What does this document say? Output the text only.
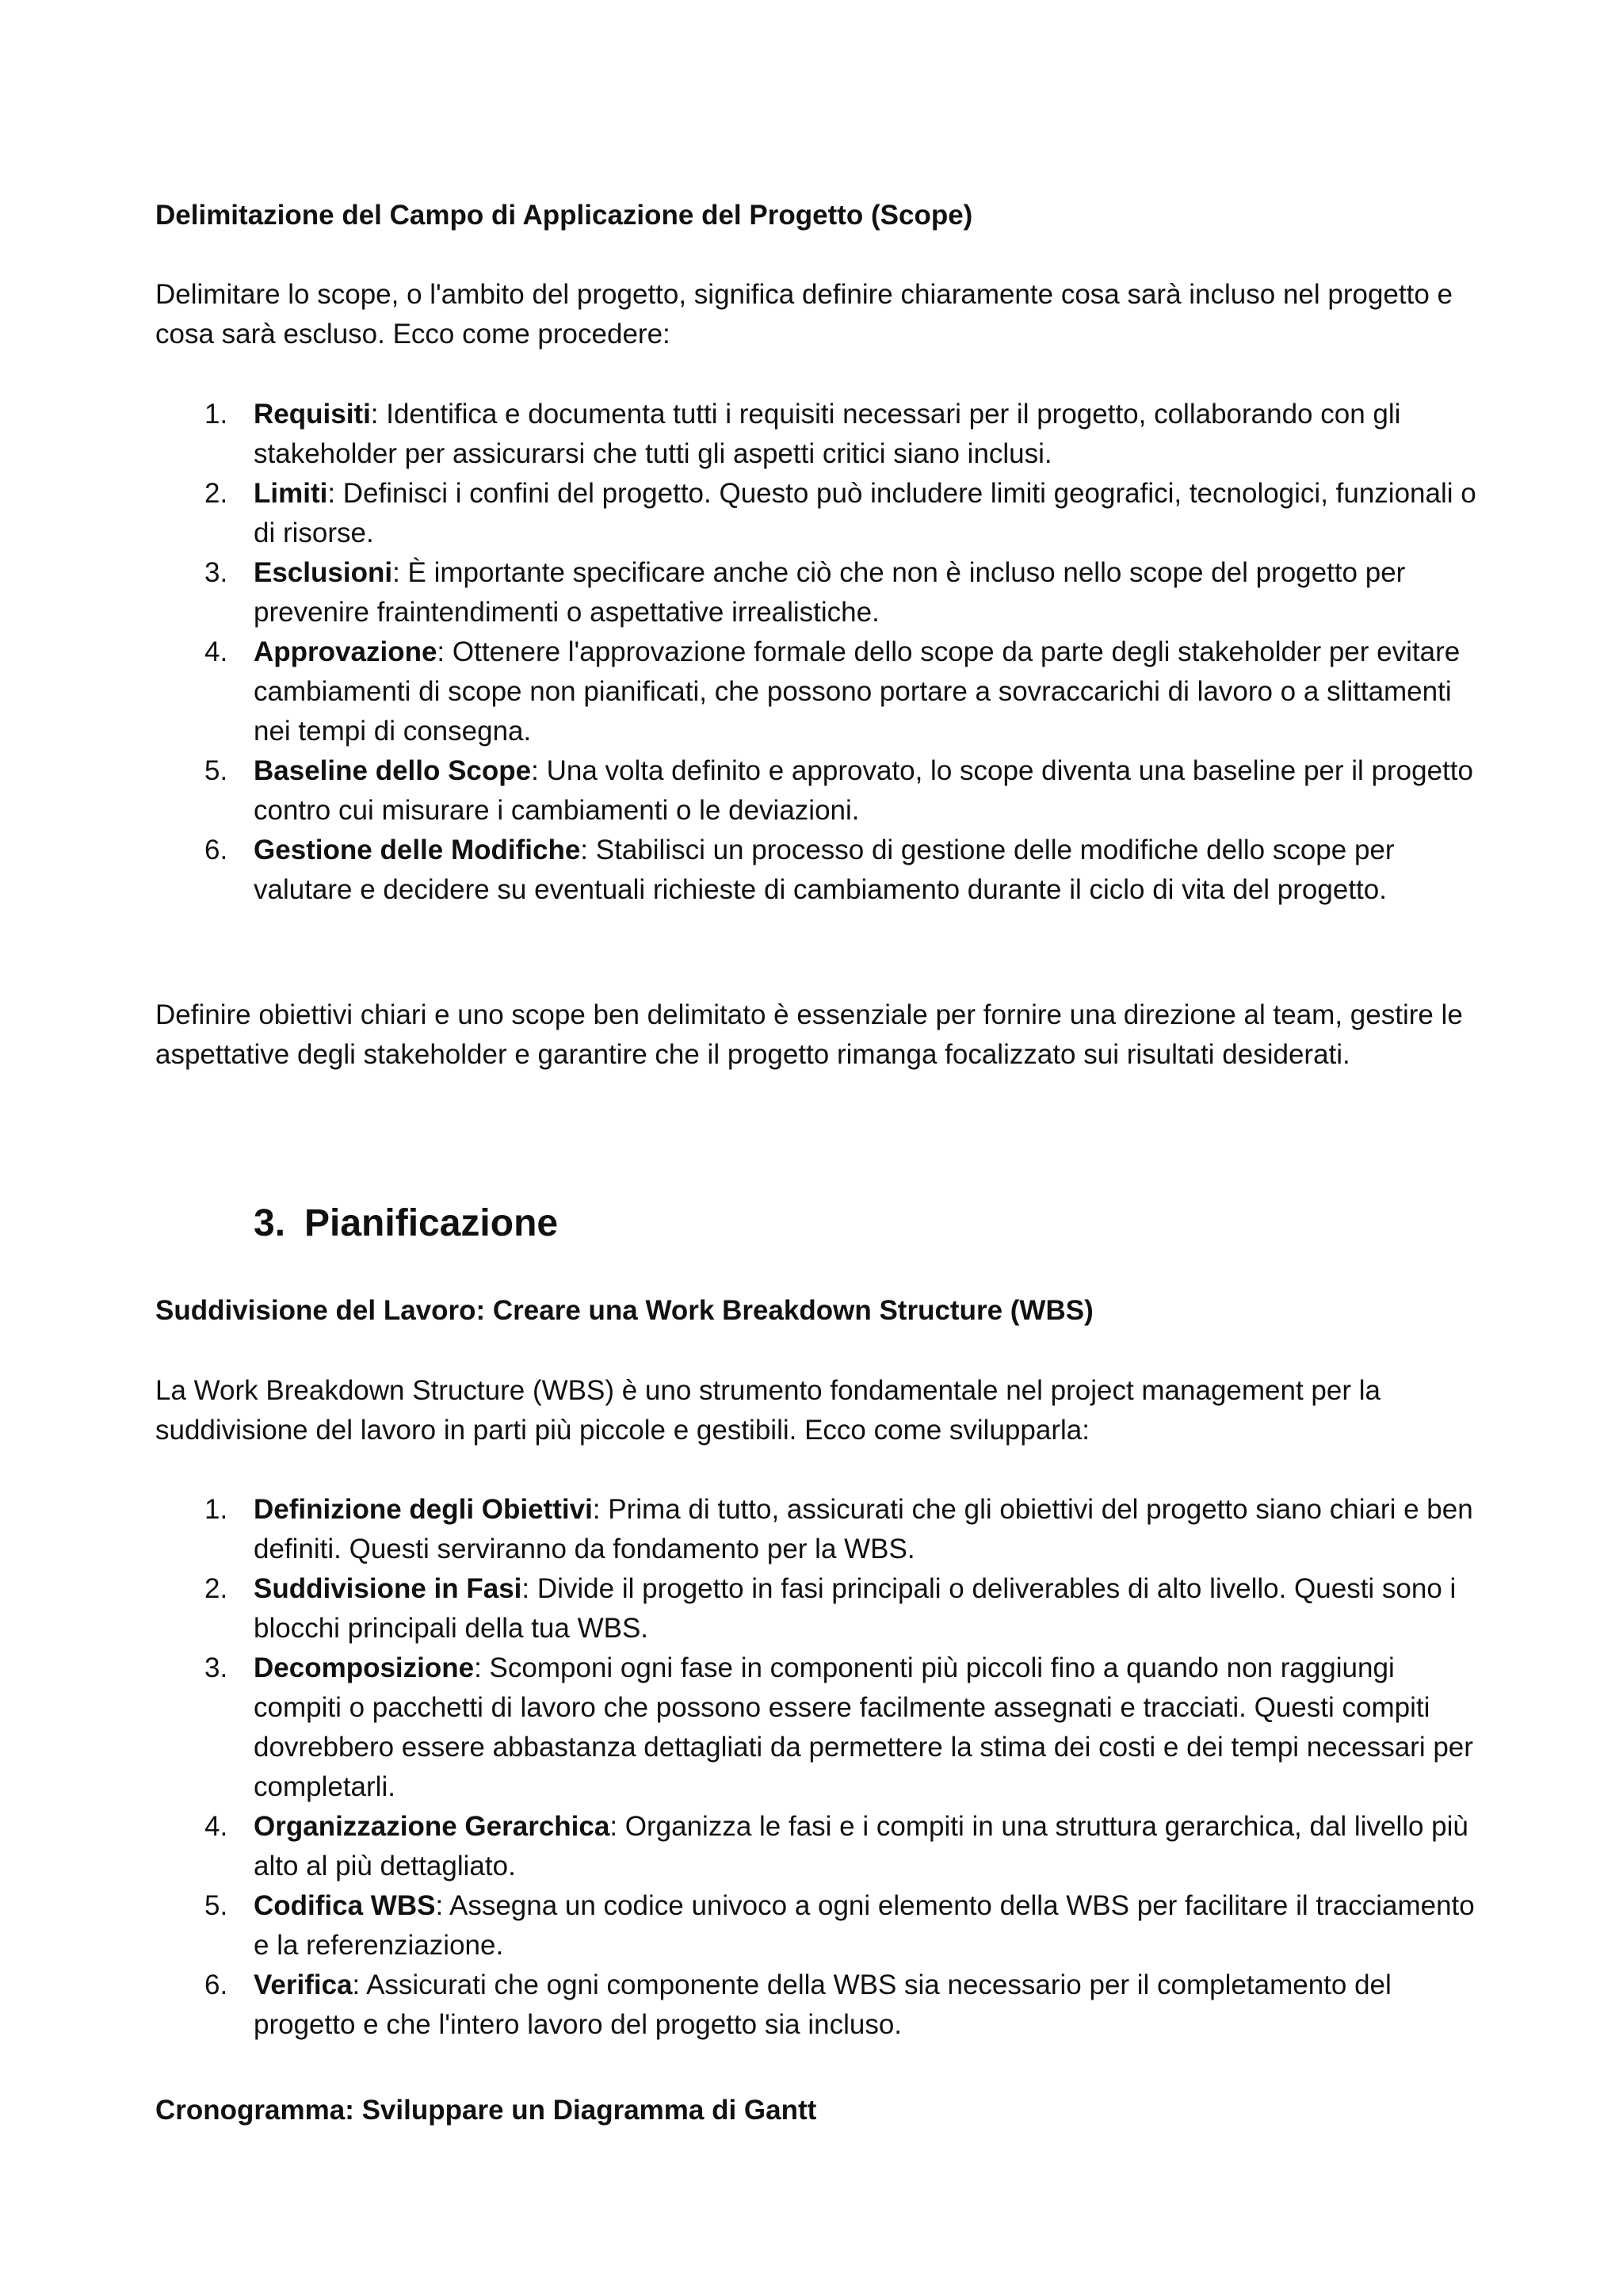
Delimitazione del Campo di Applicazione del Progetto (Scope)

Delimitare lo scope, o l'ambito del progetto, significa definire chiaramente cosa sarà incluso nel progetto e cosa sarà escluso. Ecco come procedere:

1. Requisiti: Identifica e documenta tutti i requisiti necessari per il progetto, collaborando con gli stakeholder per assicurarsi che tutti gli aspetti critici siano inclusi.
2. Limiti: Definisci i confini del progetto. Questo può includere limiti geografici, tecnologici, funzionali o di risorse.
3. Esclusioni: È importante specificare anche ciò che non è incluso nello scope del progetto per prevenire fraintendimenti o aspettative irrealistiche.
4. Approvazione: Ottenere l'approvazione formale dello scope da parte degli stakeholder per evitare cambiamenti di scope non pianificati, che possono portare a sovraccarichi di lavoro o a slittamenti nei tempi di consegna.
5. Baseline dello Scope: Una volta definito e approvato, lo scope diventa una baseline per il progetto contro cui misurare i cambiamenti o le deviazioni.
6. Gestione delle Modifiche: Stabilisci un processo di gestione delle modifiche dello scope per valutare e decidere su eventuali richieste di cambiamento durante il ciclo di vita del progetto.

Definire obiettivi chiari e uno scope ben delimitato è essenziale per fornire una direzione al team, gestire le aspettative degli stakeholder e garantire che il progetto rimanga focalizzato sui risultati desiderati.

3. Pianificazione

Suddivisione del Lavoro: Creare una Work Breakdown Structure (WBS)

La Work Breakdown Structure (WBS) è uno strumento fondamentale nel project management per la suddivisione del lavoro in parti più piccole e gestibili. Ecco come svilupparla:

1. Definizione degli Obiettivi: Prima di tutto, assicurati che gli obiettivi del progetto siano chiari e ben definiti. Questi serviranno da fondamento per la WBS.
2. Suddivisione in Fasi: Divide il progetto in fasi principali o deliverables di alto livello. Questi sono i blocchi principali della tua WBS.
3. Decomposizione: Scomponi ogni fase in componenti più piccoli fino a quando non raggiungi compiti o pacchetti di lavoro che possono essere facilmente assegnati e tracciati. Questi compiti dovrebbero essere abbastanza dettagliati da permettere la stima dei costi e dei tempi necessari per completarli.
4. Organizzazione Gerarchica: Organizza le fasi e i compiti in una struttura gerarchica, dal livello più alto al più dettagliato.
5. Codifica WBS: Assegna un codice univoco a ogni elemento della WBS per facilitare il tracciamento e la referenziazione.
6. Verifica: Assicurati che ogni componente della WBS sia necessario per il completamento del progetto e che l'intero lavoro del progetto sia incluso.

Cronogramma: Sviluppare un Diagramma di Gantt
